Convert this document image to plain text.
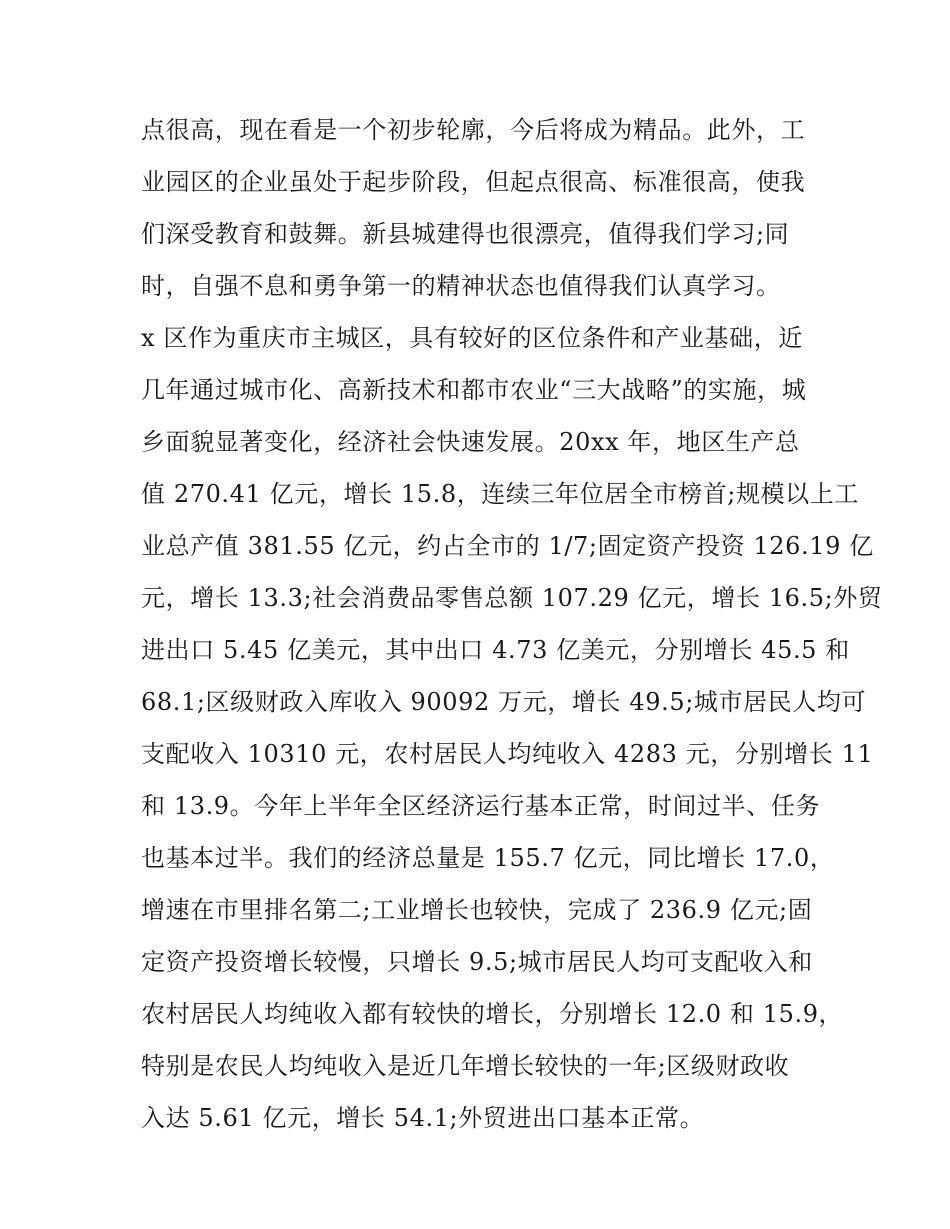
点很高，现在看是一个初步轮廓，今后将成为精品。此外，工
业园区的企业虽处于起步阶段，但起点很高、标准很高，使我
们深受教育和鼓舞。新县城建得也很漂亮，值得我们学习;同
时，自强不息和勇争第一的精神状态也值得我们认真学习。
x 区作为重庆市主城区，具有较好的区位条件和产业基础，近
几年通过城市化、高新技术和都市农业“三大战略”的实施，城
乡面貌显著变化，经济社会快速发展。20xx 年，地区生产总
值 270.41 亿元，增长 15.8，连续三年位居全市榜首;规模以上工
业总产值 381.55 亿元，约占全市的 1/7;固定资产投资 126.19 亿
元，增长 13.3;社会消费品零售总额 107.29 亿元，增长 16.5;外贸
进出口 5.45 亿美元，其中出口 4.73 亿美元，分别增长 45.5 和
68.1;区级财政入库收入 90092 万元，增长 49.5;城市居民人均可
支配收入 10310 元，农村居民人均纯收入 4283 元，分别增长 11
和 13.9。今年上半年全区经济运行基本正常，时间过半、任务
也基本过半。我们的经济总量是 155.7 亿元，同比增长 17.0，
增速在市里排名第二;工业增长也较快，完成了 236.9 亿元;固
定资产投资增长较慢，只增长 9.5;城市居民人均可支配收入和
农村居民人均纯收入都有较快的增长，分别增长 12.0 和 15.9，
特别是农民人均纯收入是近几年增长较快的一年;区级财政收
入达 5.61 亿元，增长 54.1;外贸进出口基本正常。
